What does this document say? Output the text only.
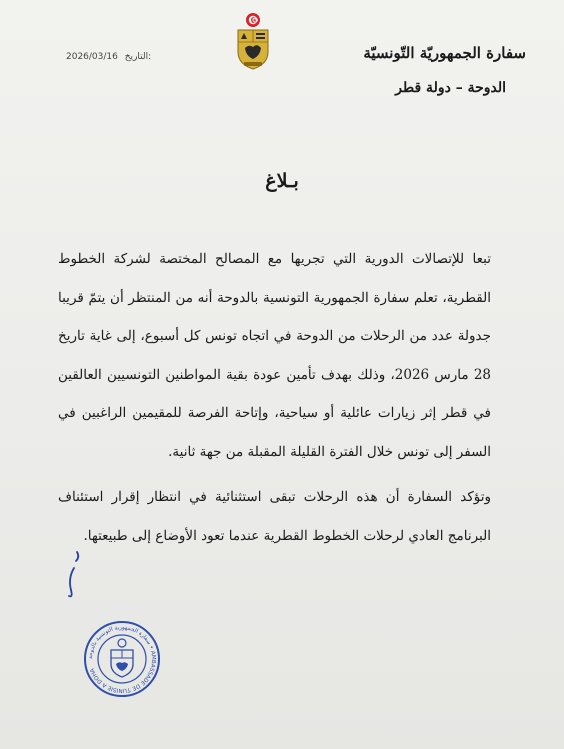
2026/03/16 التاريخ:	سفارة الجمهوريّة التّونسيّة
الدوحة – دولة قطر
بـلاغ

تبعا للإتصالات الدورية التي تجريها مع المصالح المختصة لشركة الخطوط القطرية، تعلم سفارة الجمهورية التونسية بالدوحة أنه من المنتظر أن يتمّ قريبا جدولة عدد من الرحلات من الدوحة في اتجاه تونس كل أسبوع، إلى غاية تاريخ 28 مارس 2026، وذلك بهدف تأمين عودة بقية المواطنين التونسيين العالقين في قطر إثر زيارات عائلية أو سياحية، وإتاحة الفرصة للمقيمين الراغبين في السفر إلى تونس خلال الفترة القليلة المقبلة من جهة ثانية.

وتؤكد السفارة أن هذه الرحلات تبقى استثنائية في انتظار إقرار استئناف البرنامج العادي لرحلات الخطوط القطرية عندما تعود الأوضاع إلى طبيعتها.

سفارة الجمهورية التونسية بالدوحة • AMBASSADE DE TUNISIE A DOHA
